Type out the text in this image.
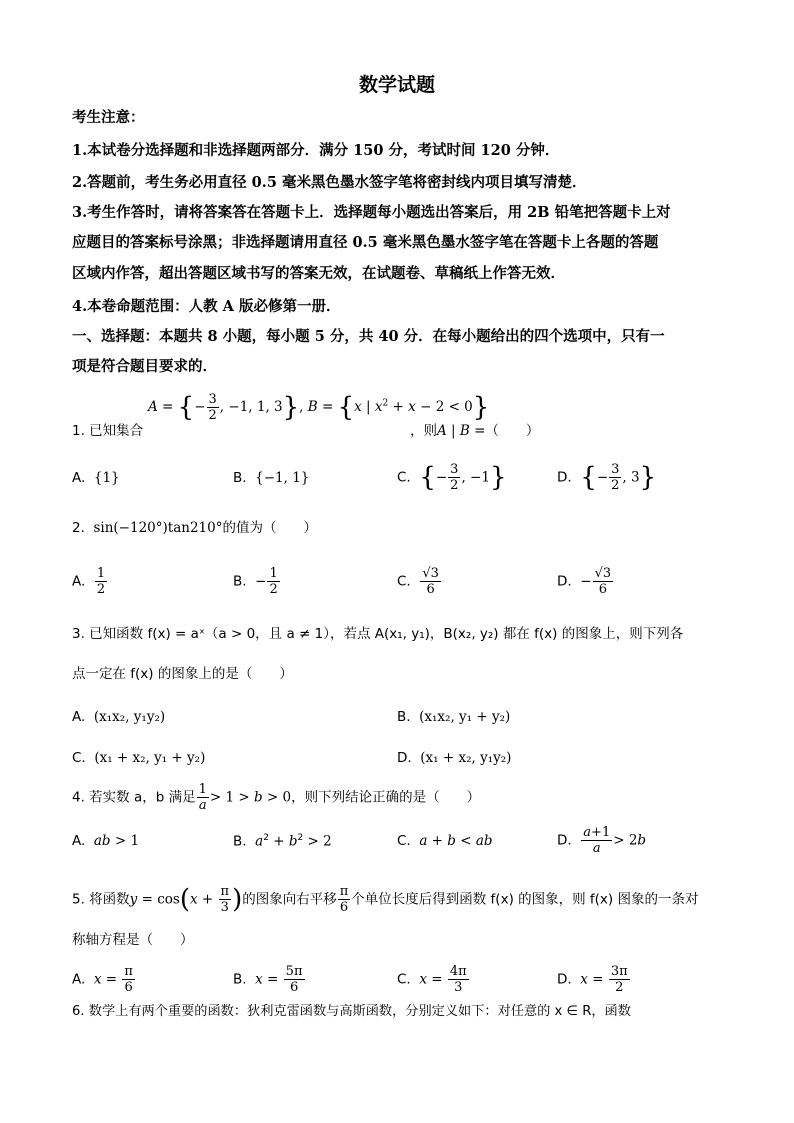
数学试题
考生注意：
1.本试卷分选择题和非选择题两部分．满分 150 分，考试时间 120 分钟．
2.答题前，考生务必用直径 0.5 毫米黑色墨水签字笔将密封线内项目填写清楚．
3.考生作答时，请将答案答在答题卡上．选择题每小题选出答案后，用 2B 铅笔把答题卡上对
应题目的答案标号涂黑；非选择题请用直径 0.5 毫米黑色墨水签字笔在答题卡上各题的答题
区域内作答，超出答题区域书写的答案无效，在试题卷、草稿纸上作答无效．
4.本卷命题范围：人教 A 版必修第一册．
一、选择题：本题共 8 小题，每小题 5 分，共 40 分．在每小题给出的四个选项中，只有一
项是符合题目要求的．
1. 已知集合
A = {− $\frac{3}{2}$ , −1, 1, 3}, B = {x | $x^2 + x - 2 < 0$}
，则A | B =（　　）
A.  {1}	B.  {−1, 1}	C.  {− $\frac{3}{2}$ , −1}	D.  {− $\frac{3}{2}$ , 3}
2.  sin(−120°)tan210°的值为（　　）
A. $\frac{1}{2}$	B.  − $\frac{1}{2}$	C. $\frac{√3}{6}$	D.  − $\frac{√3}{6}$
3. 已知函数 f(x) = aˣ（a > 0，且 a ≠ 1），若点 A(x₁, y₁)，B(x₂, y₂) 都在 f(x) 的图象上，则下列各
点一定在 f(x) 的图象上的是（　　）
A.  (x₁x₂, y₁y₂)	B.  (x₁x₂, y₁ + y₂)
C.  (x₁ + x₂, y₁ + y₂)	D.  (x₁ + x₂, y₁y₂)
4. 若实数 a，b 满足 $\frac{1}{a} > 1 > b > 0$，则下列结论正确的是（　　）
A.  ab > 1	B.  $a^2 + b^2 > 2$	C.  a + b < ab	D. $\frac{a+1}{a} > 2b$
5. 将函数$y = \cos(x + \frac{\pi}{3}$ )的图象向右平移 $\frac{\pi}{6}$ 个单位长度后得到函数 f(x) 的图象，则 f(x) 图象的一条对
称轴方程是（　　）
A.  $x = \frac{\pi}{6}$	B.  $x = \frac{5\pi}{6}$	C.  $x = \frac{4\pi}{3}$	D.  $x = \frac{3\pi}{2}$
6. 数学上有两个重要的函数：狄利克雷函数与高斯函数，分别定义如下：对任意的 x ∈ R，函数
